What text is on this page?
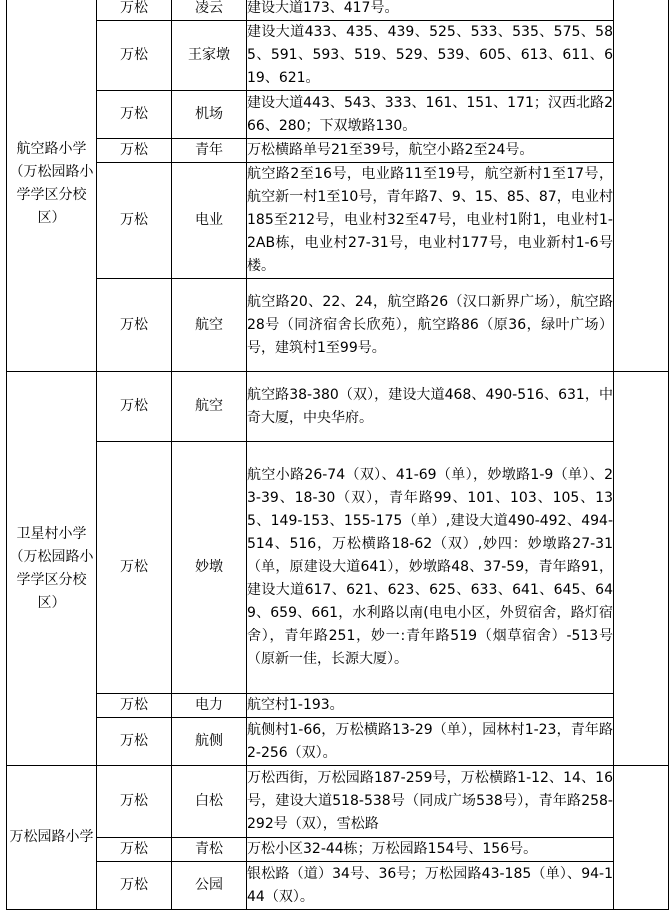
航空路小学（万松园路小学学区分校区）	万松	凌云	建设大道173、417号。	
	万松	王家墩	建设大道433、435、439、525、533、535、575、585、591、593、519、529、539、605、613、611、619、621。	
	万松	机场	建设大道443、543、333、161、151、171；汉西北路266、280；下双墩路130。	
	万松	青年	万松横路单号21至39号，航空小路2至24号。	
	万松	电业	航空路2至16号，电业路11至19号，航空新村1至17号，航空新一村1至10号，青年路7、9、15、85、87，电业村185至212号，电业村32至47号，电业村1附1，电业村1-2AB栋，电业村27-31号，电业村177号，电业新村1-6号楼。	
	万松	航空	航空路20、22、24，航空路26（汉口新界广场），航空路28号（同济宿舍长欣苑），航空路86（原36，绿叶广场）号，建筑村1至99号。	
卫星村小学（万松园路小学学区分校区）	万松	航空	航空路38-380（双），建设大道468、490-516、631，中奇大厦，中央华府。	
	万松	妙墩	航空小路26-74（双）、41-69（单），妙墩路1-9（单）、23-39、18-30（双），青年路99、101、103、105、135、149-153、155-175（单）,建设大道490-492、494-514、516，万松横路18-62（双）,妙四：妙墩路27-31（单，原建设大道641），妙墩路48、37-59，青年路91，建设大道617、621、623、625、633、641、645、649、659、661，水利路以南(电电小区，外贸宿舍，路灯宿舍），青年路251，妙一:青年路519（烟草宿舍）-513号（原新一佳，长源大厦）。	
	万松	电力	航空村1-193。	
	万松	航侧	航侧村1-66，万松横路13-29（单），园林村1-23，青年路2-256（双）。	
万松园路小学	万松	白松	万松西街，万松园路187-259号，万松横路1-12、14、16号，建设大道518-538号（同成广场538号），青年路258-292号（双），雪松路	
	万松	青松	万松小区32-44栋；万松园路154号、156号。	
	万松	公园	银松路（道）34号、36号；万松园路43-185（单）、94-144（双）。	
